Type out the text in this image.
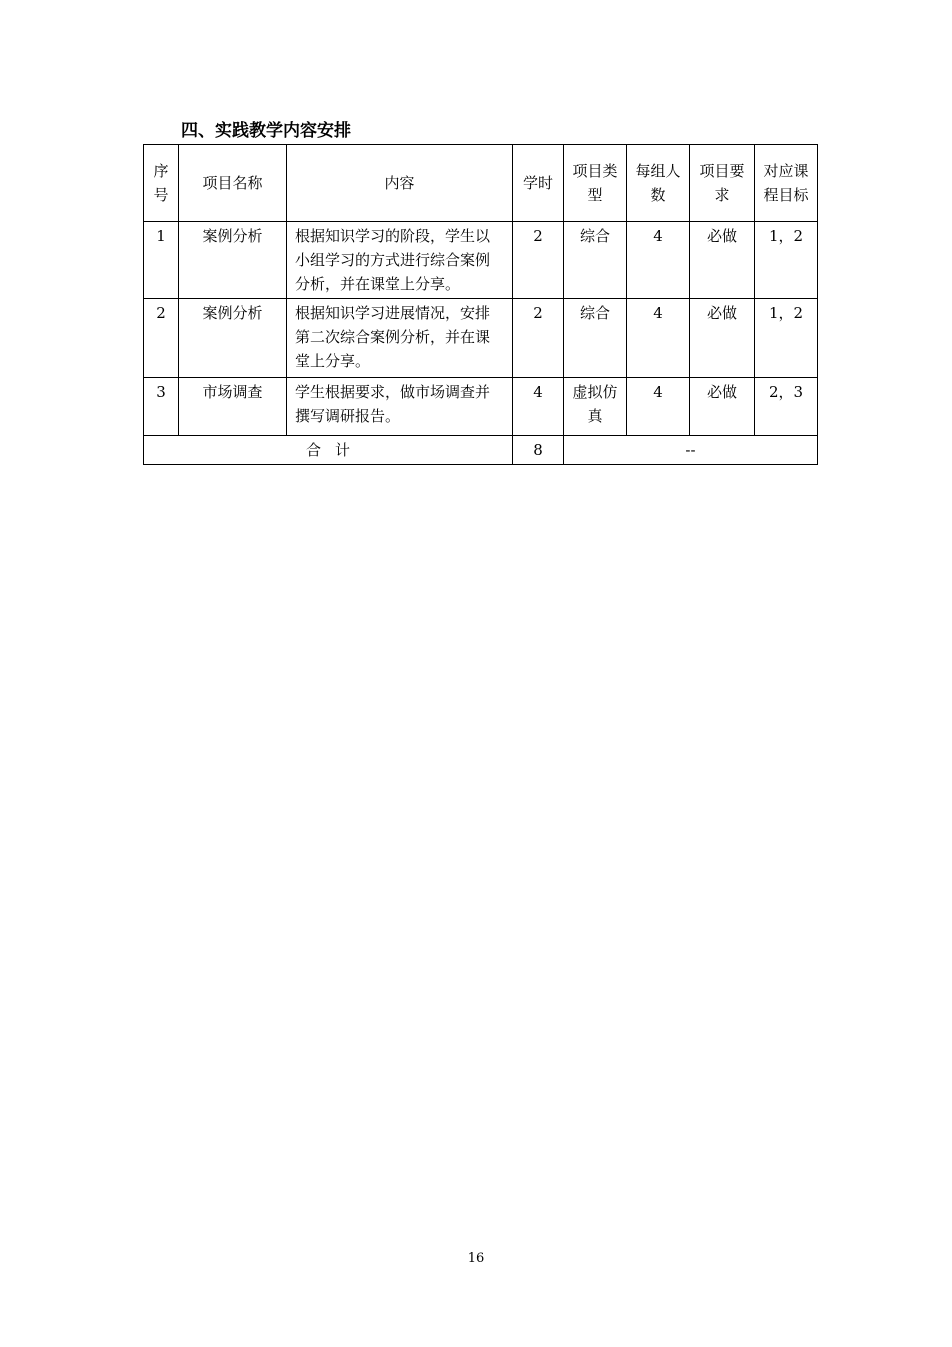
四、实践教学内容安排
序号	项目名称	内容	学时	项目类型	每组人数	项目要求	对应课程目标
1	案例分析	根据知识学习的阶段，学生以小组学习的方式进行综合案例分析，并在课堂上分享。	2	综合	4	必做	1，2
2	案例分析	根据知识学习进展情况，安排第二次综合案例分析，并在课堂上分享。	2	综合	4	必做	1，2
3	市场调查	学生根据要求，做市场调查并撰写调研报告。	4	虚拟仿真	4	必做	2，3
合计			8	--			
16
